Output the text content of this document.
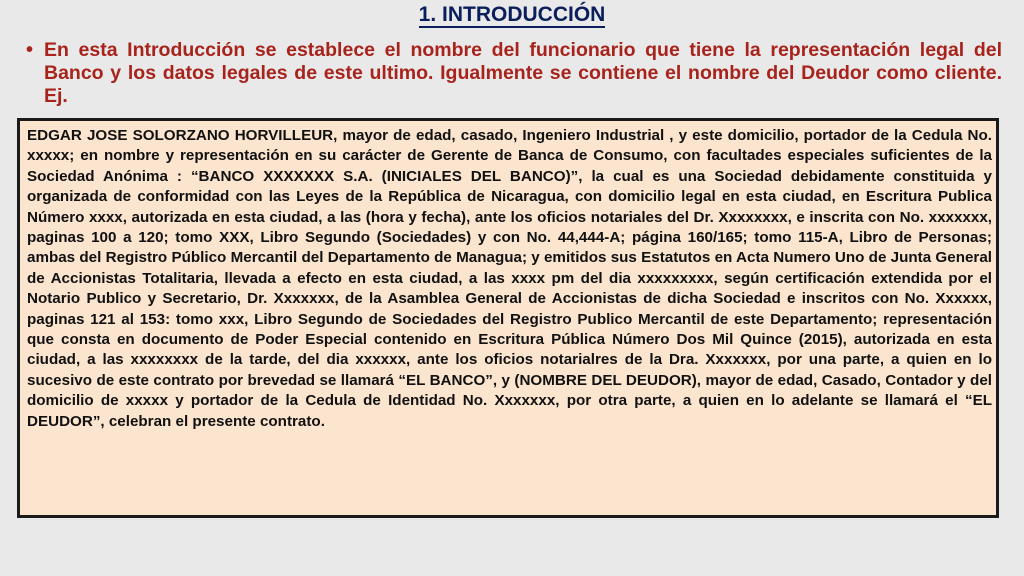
1. INTRODUCCIÓN
• En esta Introducción se establece el nombre del funcionario que tiene la representación legal del Banco y los datos legales de este ultimo. Igualmente se contiene el nombre del Deudor como cliente. Ej.

EDGAR JOSE SOLORZANO HORVILLEUR, mayor de edad, casado, Ingeniero Industrial , y este domicilio, portador de la Cedula No. xxxxx; en nombre y representación en su carácter de Gerente de Banca de Consumo, con facultades especiales suficientes de la Sociedad Anónima : “BANCO XXXXXXX S.A. (INICIALES DEL BANCO)”, la cual es una Sociedad debidamente constituida y organizada de conformidad con las Leyes de la República de Nicaragua, con domicilio legal en esta ciudad, en Escritura Publica Número xxxx, autorizada en esta ciudad, a las (hora y fecha), ante los oficios notariales del Dr. Xxxxxxxx, e inscrita con No. xxxxxxx, paginas 100 a 120; tomo XXX, Libro Segundo (Sociedades) y con No. 44,444-A; página 160/165; tomo 115-A, Libro de Personas; ambas del Registro Público Mercantil del Departamento de Managua; y emitidos sus Estatutos en Acta Numero Uno de Junta General de Accionistas Totalitaria, llevada a efecto en esta ciudad, a las xxxx pm del dia xxxxxxxxx, según certificación extendida por el Notario Publico y Secretario, Dr. Xxxxxxx, de la Asamblea General de Accionistas de dicha Sociedad e inscritos con No. Xxxxxx, paginas 121 al 153: tomo xxx, Libro Segundo de Sociedades del Registro Publico Mercantil de este Departamento; representación que consta en documento de Poder Especial contenido en Escritura Pública Número Dos Mil Quince (2015), autorizada en esta ciudad, a las xxxxxxxx de la tarde, del dia xxxxxx, ante los oficios notarialres de la Dra. Xxxxxxx, por una parte, a quien en lo sucesivo de este contrato por brevedad se llamará “EL BANCO”, y (NOMBRE DEL DEUDOR), mayor de edad, Casado, Contador y del domicilio de xxxxx y portador de la Cedula de Identidad No. Xxxxxxx, por otra parte, a quien en lo adelante se llamará el “EL DEUDOR”, celebran el presente contrato.
